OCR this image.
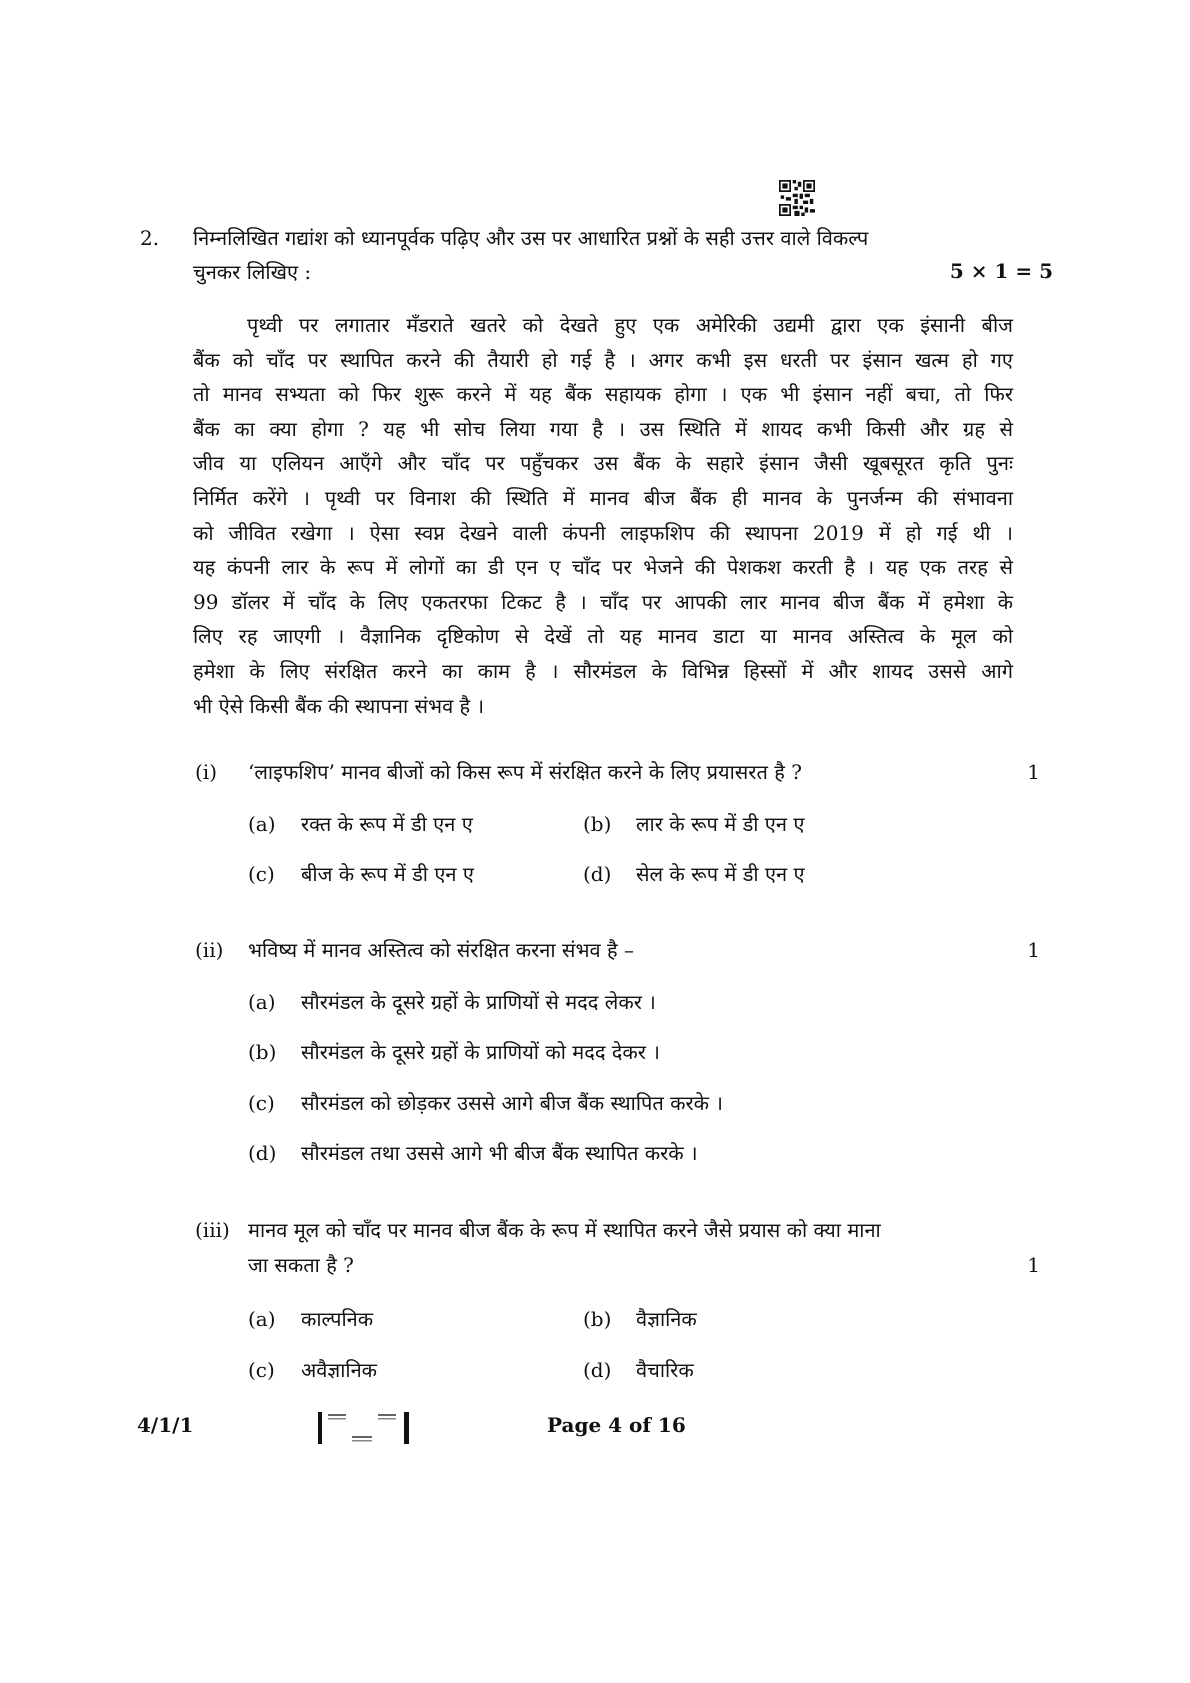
2. निम्नलिखित गद्यांश को ध्यानपूर्वक पढ़िए और उस पर आधारित प्रश्नों के सही उत्तर वाले विकल्प
चुनकर लिखिए :	5 × 1 = 5
पृथ्वी पर लगातार मँडराते खतरे को देखते हुए एक अमेरिकी उद्यमी द्वारा एक इंसानी बीज
बैंक को चाँद पर स्थापित करने की तैयारी हो गई है । अगर कभी इस धरती पर इंसान खत्म हो गए
तो मानव सभ्यता को फिर शुरू करने में यह बैंक सहायक होगा । एक भी इंसान नहीं बचा, तो फिर
बैंक का क्या होगा ? यह भी सोच लिया गया है । उस स्थिति में शायद कभी किसी और ग्रह से
जीव या एलियन आएँगे और चाँद पर पहुँचकर उस बैंक के सहारे इंसान जैसी खूबसूरत कृति पुनः
निर्मित करेंगे । पृथ्वी पर विनाश की स्थिति में मानव बीज बैंक ही मानव के पुनर्जन्म की संभावना
को जीवित रखेगा । ऐसा स्वप्न देखने वाली कंपनी लाइफशिप की स्थापना 2019 में हो गई थी ।
यह कंपनी लार के रूप में लोगों का डी एन ए चाँद पर भेजने की पेशकश करती है । यह एक तरह से
99 डॉलर में चाँद के लिए एकतरफा टिकट है । चाँद पर आपकी लार मानव बीज बैंक में हमेशा के
लिए रह जाएगी । वैज्ञानिक दृष्टिकोण से देखें तो यह मानव डाटा या मानव अस्तित्व के मूल को
हमेशा के लिए संरक्षित करने का काम है । सौरमंडल के विभिन्न हिस्सों में और शायद उससे आगे
भी ऐसे किसी बैंक की स्थापना संभव है ।
(i) ‘लाइफशिप’ मानव बीजों को किस रूप में संरक्षित करने के लिए प्रयासरत है ?	1
(a) रक्त के रूप में डी एन ए	(b) लार के रूप में डी एन ए
(c) बीज के रूप में डी एन ए	(d) सेल के रूप में डी एन ए
(ii) भविष्य में मानव अस्तित्व को संरक्षित करना संभव है –	1
(a) सौरमंडल के दूसरे ग्रहों के प्राणियों से मदद लेकर ।
(b) सौरमंडल के दूसरे ग्रहों के प्राणियों को मदद देकर ।
(c) सौरमंडल को छोड़कर उससे आगे बीज बैंक स्थापित करके ।
(d) सौरमंडल तथा उससे आगे भी बीज बैंक स्थापित करके ।
(iii) मानव मूल को चाँद पर मानव बीज बैंक के रूप में स्थापित करने जैसे प्रयास को क्या माना
जा सकता है ?	1
(a) काल्पनिक	(b) वैज्ञानिक
(c) अवैज्ञानिक	(d) वैचारिक
4/1/1	Page 4 of 16
